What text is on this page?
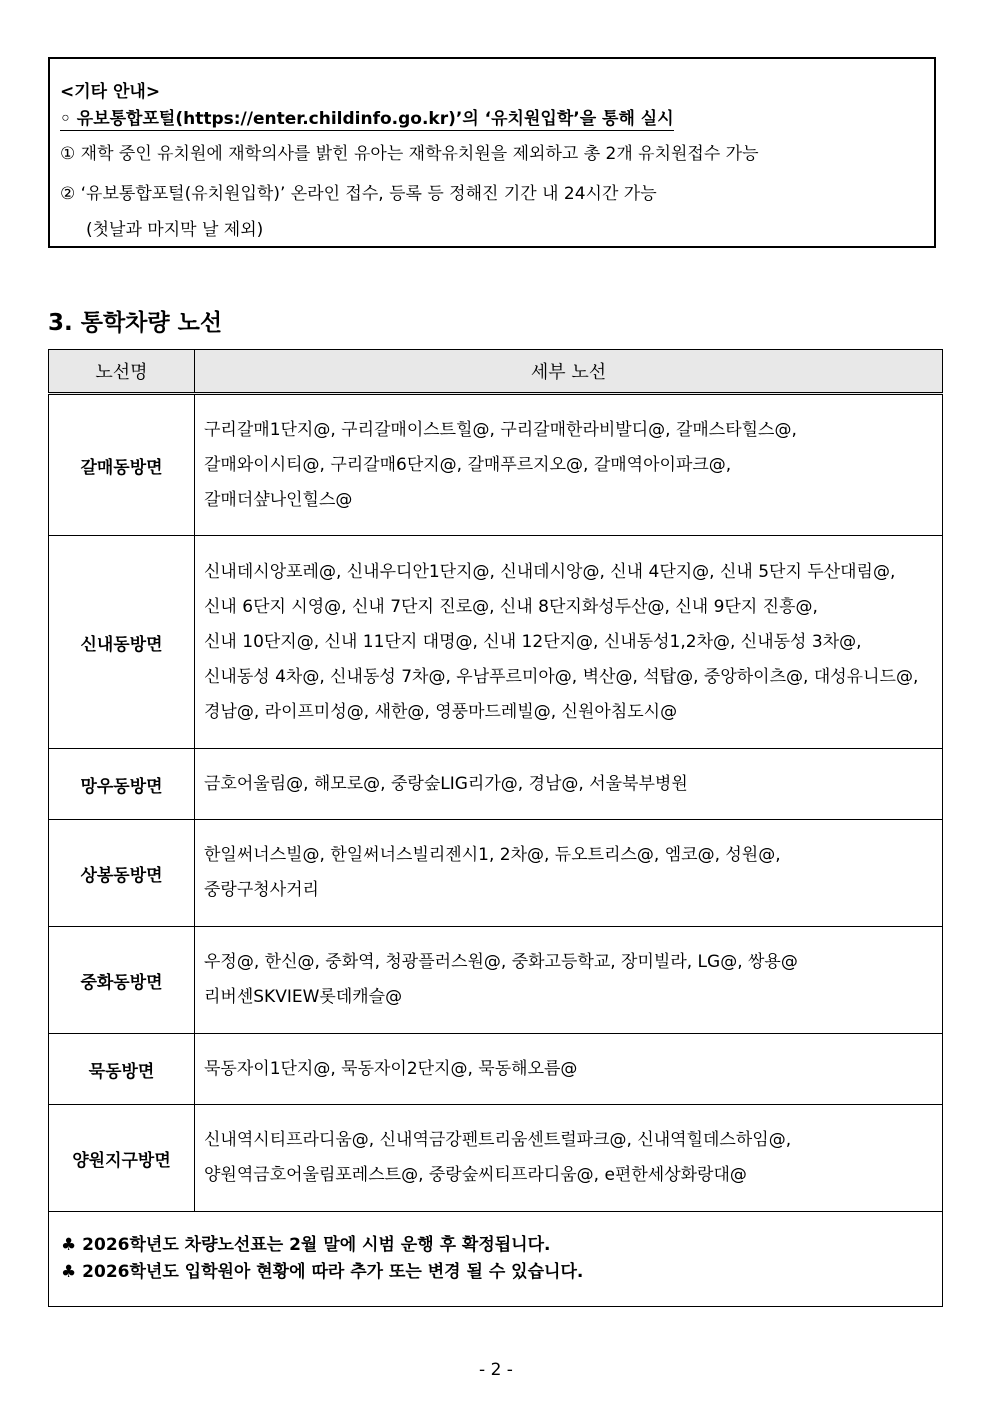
<기타 안내>
◦ 유보통합포털(https://enter.childinfo.go.kr)’의 ‘유치원입학’을 통해 실시
① 재학 중인 유치원에 재학의사를 밝힌 유아는 재학유치원을 제외하고 총 2개 유치원접수 가능
② ‘유보통합포털(유치원입학)’ 온라인 접수, 등록 등 정해진 기간 내 24시간 가능
(첫날과 마지막 날 제외)
3. 통학차량 노선
노선명	세부 노선
갈매동방면	구리갈매1단지@, 구리갈매이스트힐@, 구리갈매한라비발디@, 갈매스타힐스@,
갈매와이시티@, 구리갈매6단지@, 갈매푸르지오@, 갈매역아이파크@,
갈매더샾나인힐스@

신내동방면	신내데시앙포레@, 신내우디안1단지@, 신내데시앙@, 신내 4단지@, 신내 5단지 두산대림@,
신내 6단지 시영@, 신내 7단지 진로@, 신내 8단지화성두산@, 신내 9단지 진흥@,
신내 10단지@, 신내 11단지 대명@, 신내 12단지@, 신내동성1,2차@, 신내동성 3차@,
신내동성 4차@, 신내동성 7차@, 우남푸르미아@, 벽산@, 석탑@, 중앙하이츠@, 대성유니드@,
경남@, 라이프미성@, 새한@, 영풍마드레빌@, 신원아침도시@

망우동방면	금호어울림@, 해모로@, 중랑숲LIG리가@, 경남@, 서울북부병원

상봉동방면	한일써너스빌@, 한일써너스빌리젠시1, 2차@, 듀오트리스@, 엠코@, 성원@,
중랑구청사거리

중화동방면	우정@, 한신@, 중화역, 청광플러스원@, 중화고등학교, 장미빌라, LG@, 쌍용@
리버센SKVIEW롯데캐슬@

묵동방면	묵동자이1단지@, 묵동자이2단지@, 묵동해오름@

양원지구방면	신내역시티프라디움@, 신내역금강펜트리움센트럴파크@, 신내역힐데스하임@,
양원역금호어울림포레스트@, 중랑숲씨티프라디움@, e편한세상화랑대@

♣ 2026학년도 차량노선표는 2월 말에 시범 운행 후 확정됩니다.
♣ 2026학년도 입학원아 현황에 따라 추가 또는 변경 될 수 있습니다.	
- 2 -
